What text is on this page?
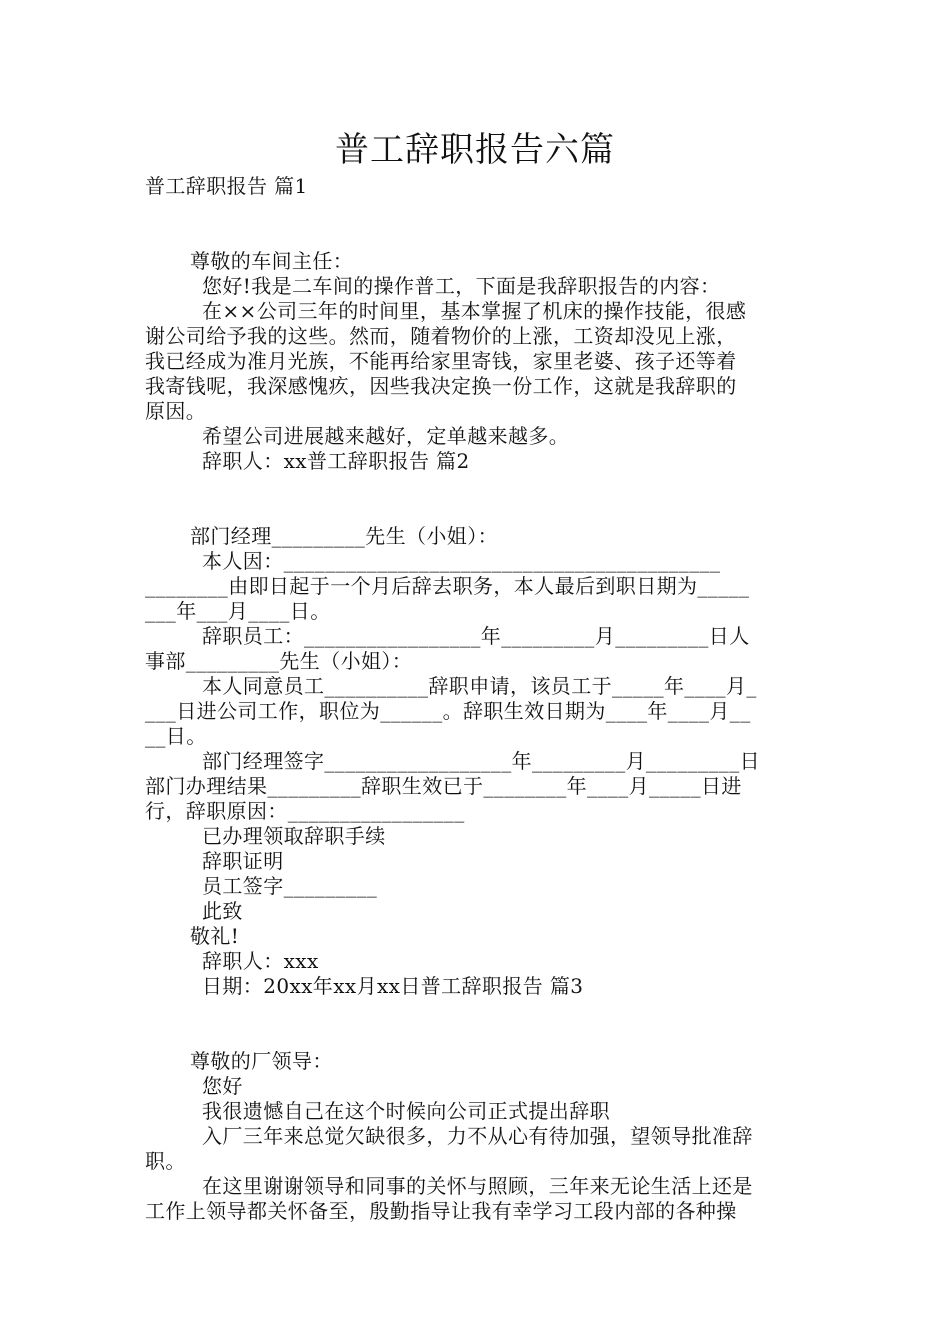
普工辞职报告六篇
普工辞职报告 篇1
尊敬的车间主任：
您好!我是二车间的操作普工，下面是我辞职报告的内容：
在××公司三年的时间里，基本掌握了机床的操作技能，很感
谢公司给予我的这些。然而，随着物价的上涨，工资却没见上涨，
我已经成为准月光族，不能再给家里寄钱，家里老婆、孩子还等着
我寄钱呢，我深感愧疚，因些我决定换一份工作，这就是我辞职的
原因。
希望公司进展越来越好，定单越来越多。
辞职人：xx普工辞职报告 篇2
部门经理_________先生（小姐）：
本人因：__________________________________________
________由即日起于一个月后辞去职务，本人最后到职日期为_____
___年___月____日。
辞职员工：_________________年_________月_________日人
事部_________先生（小姐）：
本人同意员工__________辞职申请，该员工于_____年____月_
___日进公司工作，职位为______。辞职生效日期为____年____月__
__日。
部门经理签字__________________年_________月_________日
部门办理结果_________辞职生效已于________年____月_____日进
行，辞职原因：_________________
已办理领取辞职手续
辞职证明
员工签字_________
此致
敬礼!
辞职人：xxx
日期：20xx年xx月xx日普工辞职报告 篇3
尊敬的厂领导：
您好
我很遗憾自己在这个时候向公司正式提出辞职
入厂三年来总觉欠缺很多，力不从心有待加强，望领导批准辞
职。
在这里谢谢领导和同事的关怀与照顾，三年来无论生活上还是
工作上领导都关怀备至，殷勤指导让我有幸学习工段内部的各种操
